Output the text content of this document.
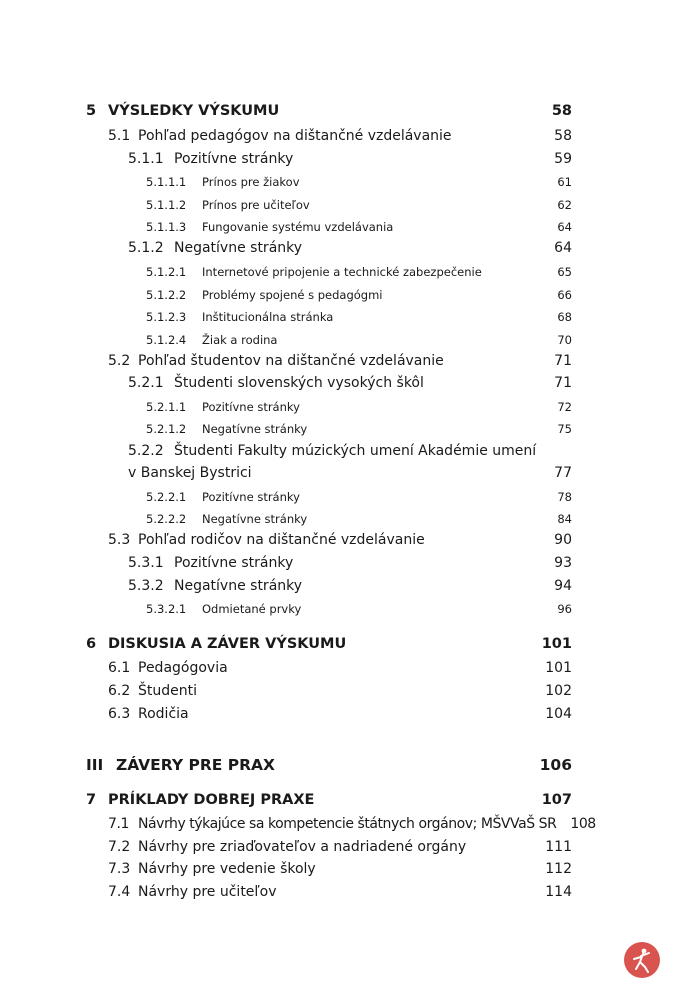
5 VÝSLEDKY VÝSKUMU	58
5.1 Pohľad pedagógov na dištančné vzdelávanie	58
5.1.1 Pozitívne stránky	59
5.1.1.1	Prínos pre žiakov	61
5.1.1.2	Prínos pre učiteľov	62
5.1.1.3	Fungovanie systému vzdelávania	64
5.1.2 Negatívne stránky	64
5.1.2.1	Internetové pripojenie a technické zabezpečenie	65
5.1.2.2	Problémy spojené s pedagógmi	66
5.1.2.3	Inštitucionálna stránka	68
5.1.2.4	Žiak a rodina	70
5.2 Pohľad študentov na dištančné vzdelávanie	71
5.2.1 Študenti slovenských vysokých škôl	71
5.2.1.1	Pozitívne stránky	72
5.2.1.2	Negatívne stránky	75
5.2.2 Študenti Fakulty múzických umení Akadémie umení
v Banskej Bystrici	77
5.2.2.1	Pozitívne stránky	78
5.2.2.2	Negatívne stránky	84
5.3 Pohľad rodičov na dištančné vzdelávanie	90
5.3.1 Pozitívne stránky	93
5.3.2 Negatívne stránky	94
5.3.2.1	Odmietané prvky	96
6 DISKUSIA A ZÁVER VÝSKUMU	101
6.1 Pedagógovia	101
6.2 Študenti	102
6.3 Rodičia	104
III ZÁVERY PRE PRAX	106
7 PRÍKLADY DOBREJ PRAXE	107
7.1 Návrhy týkajúce sa kompetencie štátnych orgánov; MŠVVaŠ SR 108
7.2 Návrhy pre zriaďovateľov a nadriadené orgány	111
7.3 Návrhy pre vedenie školy	112
7.4 Návrhy pre učiteľov	114
